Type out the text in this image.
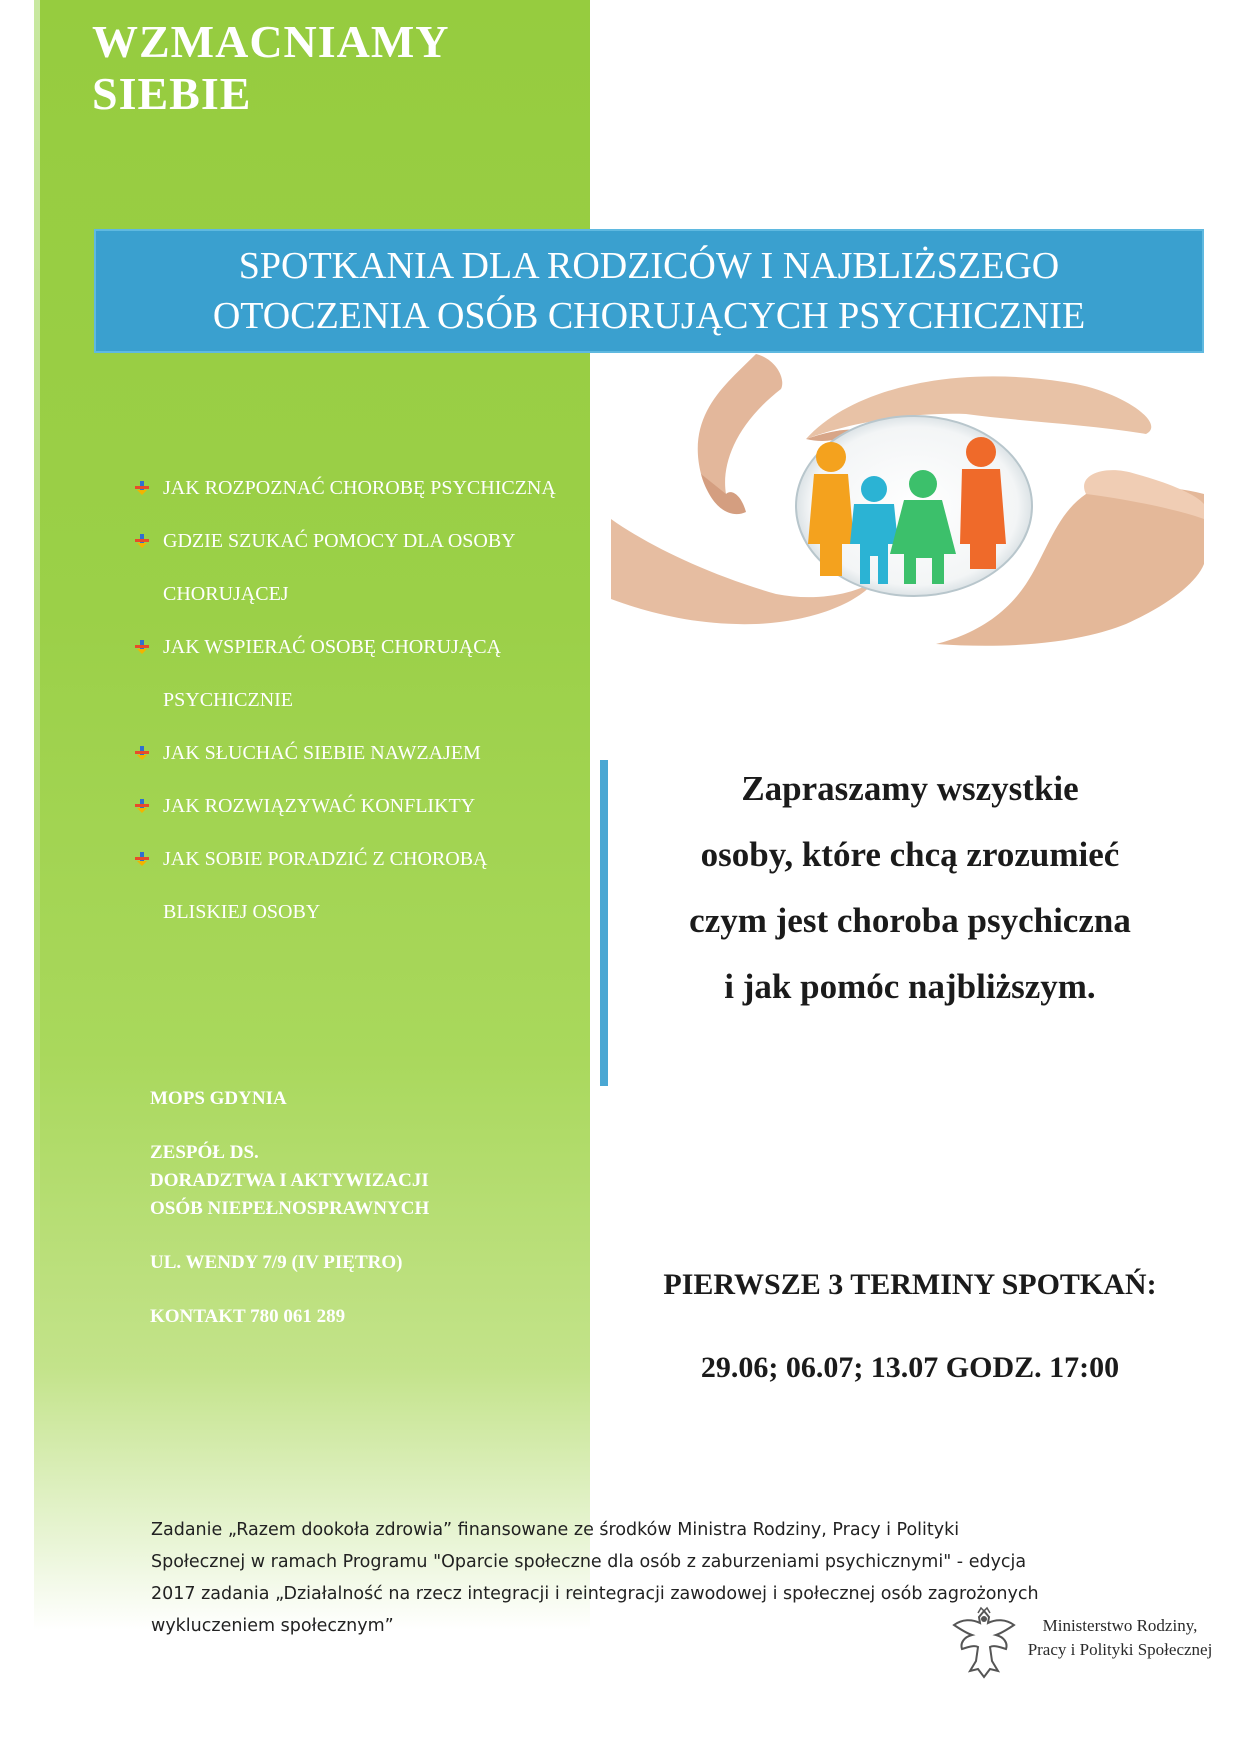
WZMACNIAMY
SIEBIE
SPOTKANIA DLA RODZICÓW I NAJBLIŻSZEGO
OTOCZENIA OSÓB CHORUJĄCYCH PSYCHICZNIE
JAK ROZPOZNAĆ CHOROBĘ PSYCHICZNĄ
GDZIE SZUKAĆ POMOCY DLA OSOBY
CHORUJĄCEJ
JAK WSPIERAĆ OSOBĘ CHORUJĄCĄ
PSYCHICZNIE
JAK SŁUCHAĆ SIEBIE NAWZAJEM
JAK ROZWIĄZYWAĆ KONFLIKTY
JAK SOBIE PORADZIĆ Z CHOROBĄ
BLISKIEJ OSOBY
MOPS GDYNIA
ZESPÓŁ DS.
DORADZTWA I AKTYWIZACJI
OSÓB NIEPEŁNOSPRAWNYCH
UL. WENDY 7/9 (IV PIĘTRO)
KONTAKT 780 061 289
Zapraszamy wszystkie
osoby, które chcą zrozumieć
czym jest choroba psychiczna
i jak pomóc najbliższym.
PIERWSZE 3 TERMINY SPOTKAŃ:
29.06; 06.07; 13.07 GODZ. 17:00
Zadanie „Razem dookoła zdrowia” finansowane ze środków Ministra Rodziny, Pracy i Polityki
Społecznej w ramach Programu "Oparcie społeczne dla osób z zaburzeniami psychicznymi" - edycja
2017 zadania „Działalność na rzecz integracji i reintegracji zawodowej i społecznej osób zagrożonych
wykluczeniem społecznym”	Ministerstwo Rodziny,
Pracy i Polityki Społecznej
